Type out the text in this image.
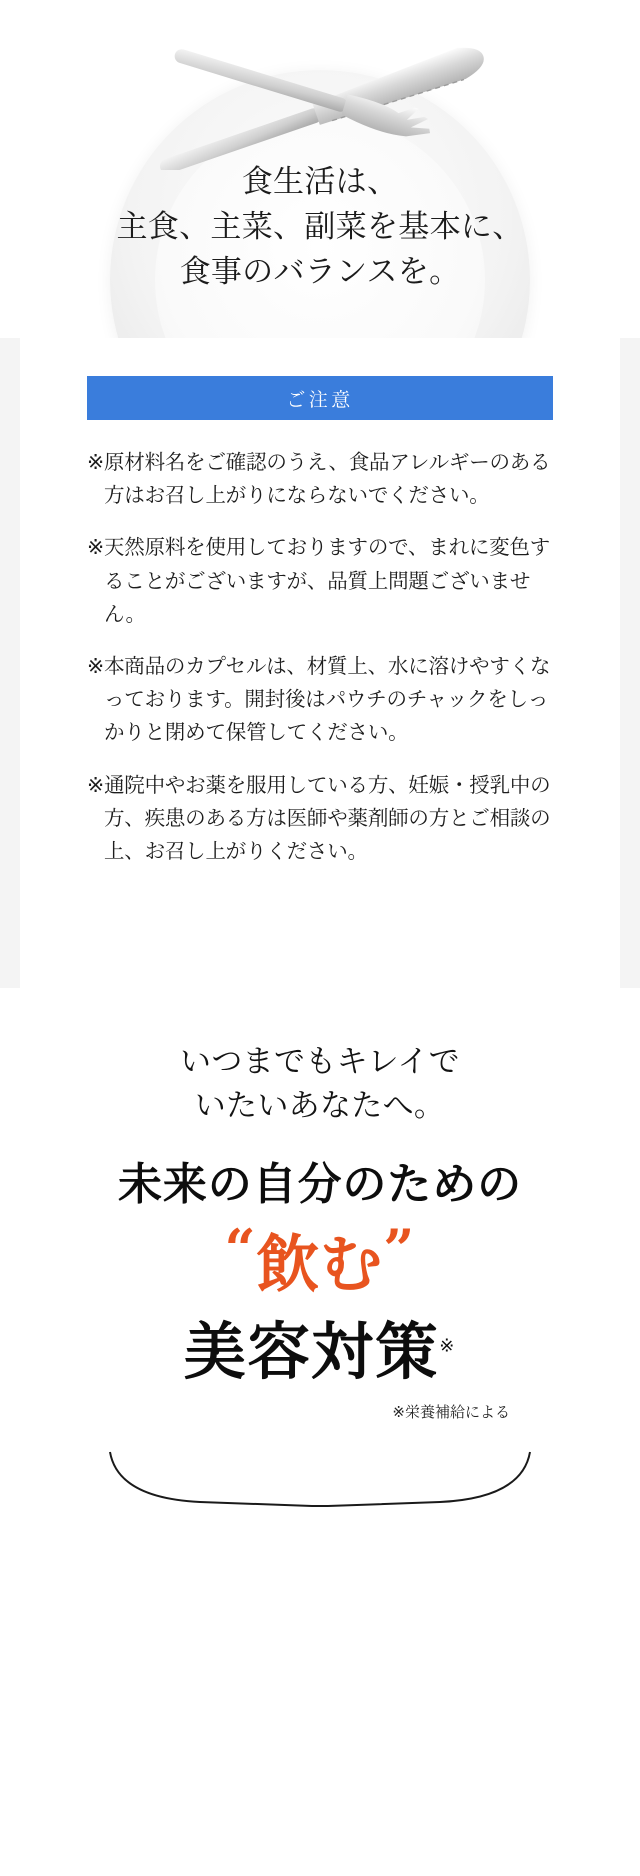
食生活は、
主食、主菜、副菜を基本に、
食事のバランスを。
ご注意
※ 原材料名をご確認のうえ、食品アレルギーのある方はお召し上がりにならないでください。
※ 天然原料を使用しておりますので、まれに変色することがございますが、品質上問題ございません。
※ 本商品のカプセルは、材質上、水に溶けやすくなっております。開封後はパウチのチャックをしっかりと閉めて保管してください。
※ 通院中やお薬を服用している方、妊娠・授乳中の方、疾患のある方は医師や薬剤師の方とご相談の上、お召し上がりください。
いつまでもキレイで
いたいあなたへ。
未来の自分のための
“飲む”
美容対策※
※栄養補給による
